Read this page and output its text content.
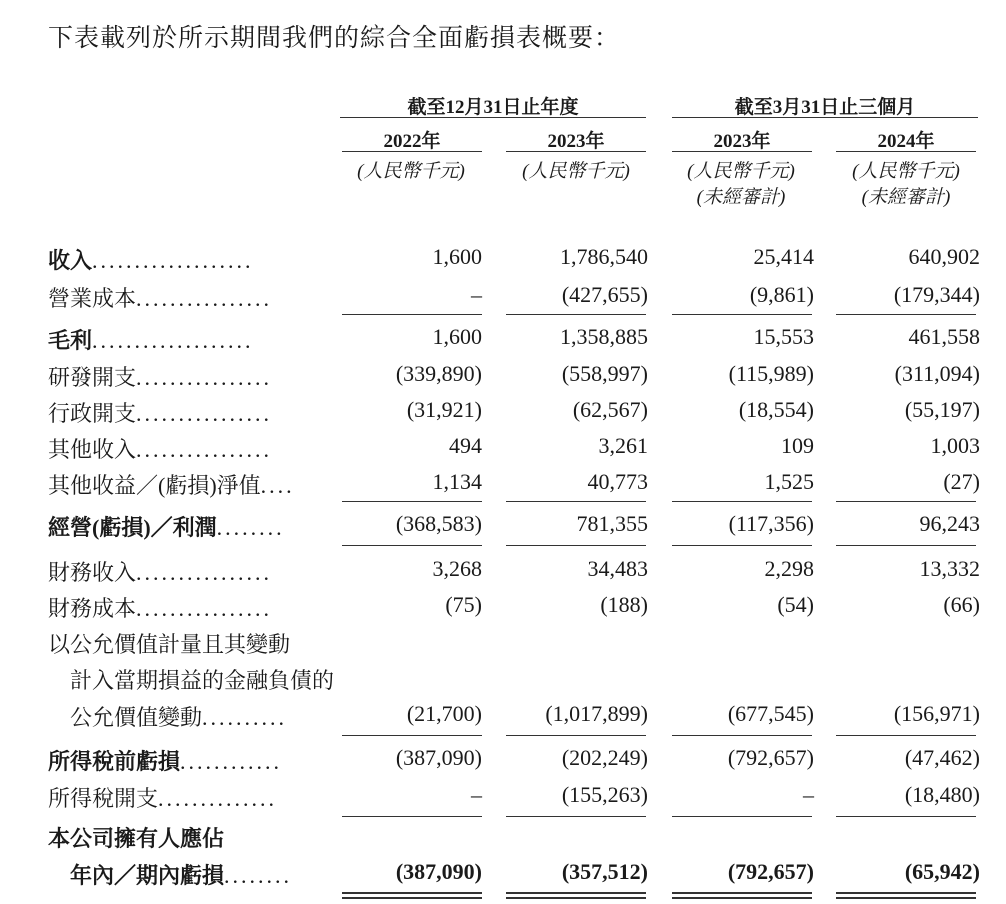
下表載列於所示期間我們的綜合全面虧損表概要：
截至12月31日止年度	截至3月31日止三個月
2022年	2023年	2023年	2024年
(人民幣千元)	(人民幣千元)	(人民幣千元)	(人民幣千元)
(未經審計)	(未經審計)
收入...................	1,600	1,786,540	25,414	640,902
營業成本................	–	(427,655)	(9,861)	(179,344)
毛利...................	1,600	1,358,885	15,553	461,558
研發開支................	(339,890)	(558,997)	(115,989)	(311,094)
行政開支................	(31,921)	(62,567)	(18,554)	(55,197)
其他收入................	494	3,261	109	1,003
其他收益／(虧損)淨值....	1,134	40,773	1,525	(27)
經營(虧損)／利潤........	(368,583)	781,355	(117,356)	96,243
財務收入................	3,268	34,483	2,298	13,332
財務成本................	(75)	(188)	(54)	(66)
以公允價值計量且其變動
計入當期損益的金融負債的
公允價值變動..........	(21,700)	(1,017,899)	(677,545)	(156,971)
所得稅前虧損............	(387,090)	(202,249)	(792,657)	(47,462)
所得稅開支..............	–	(155,263)	–	(18,480)
本公司擁有人應佔
年內／期內虧損........	(387,090)	(357,512)	(792,657)	(65,942)
